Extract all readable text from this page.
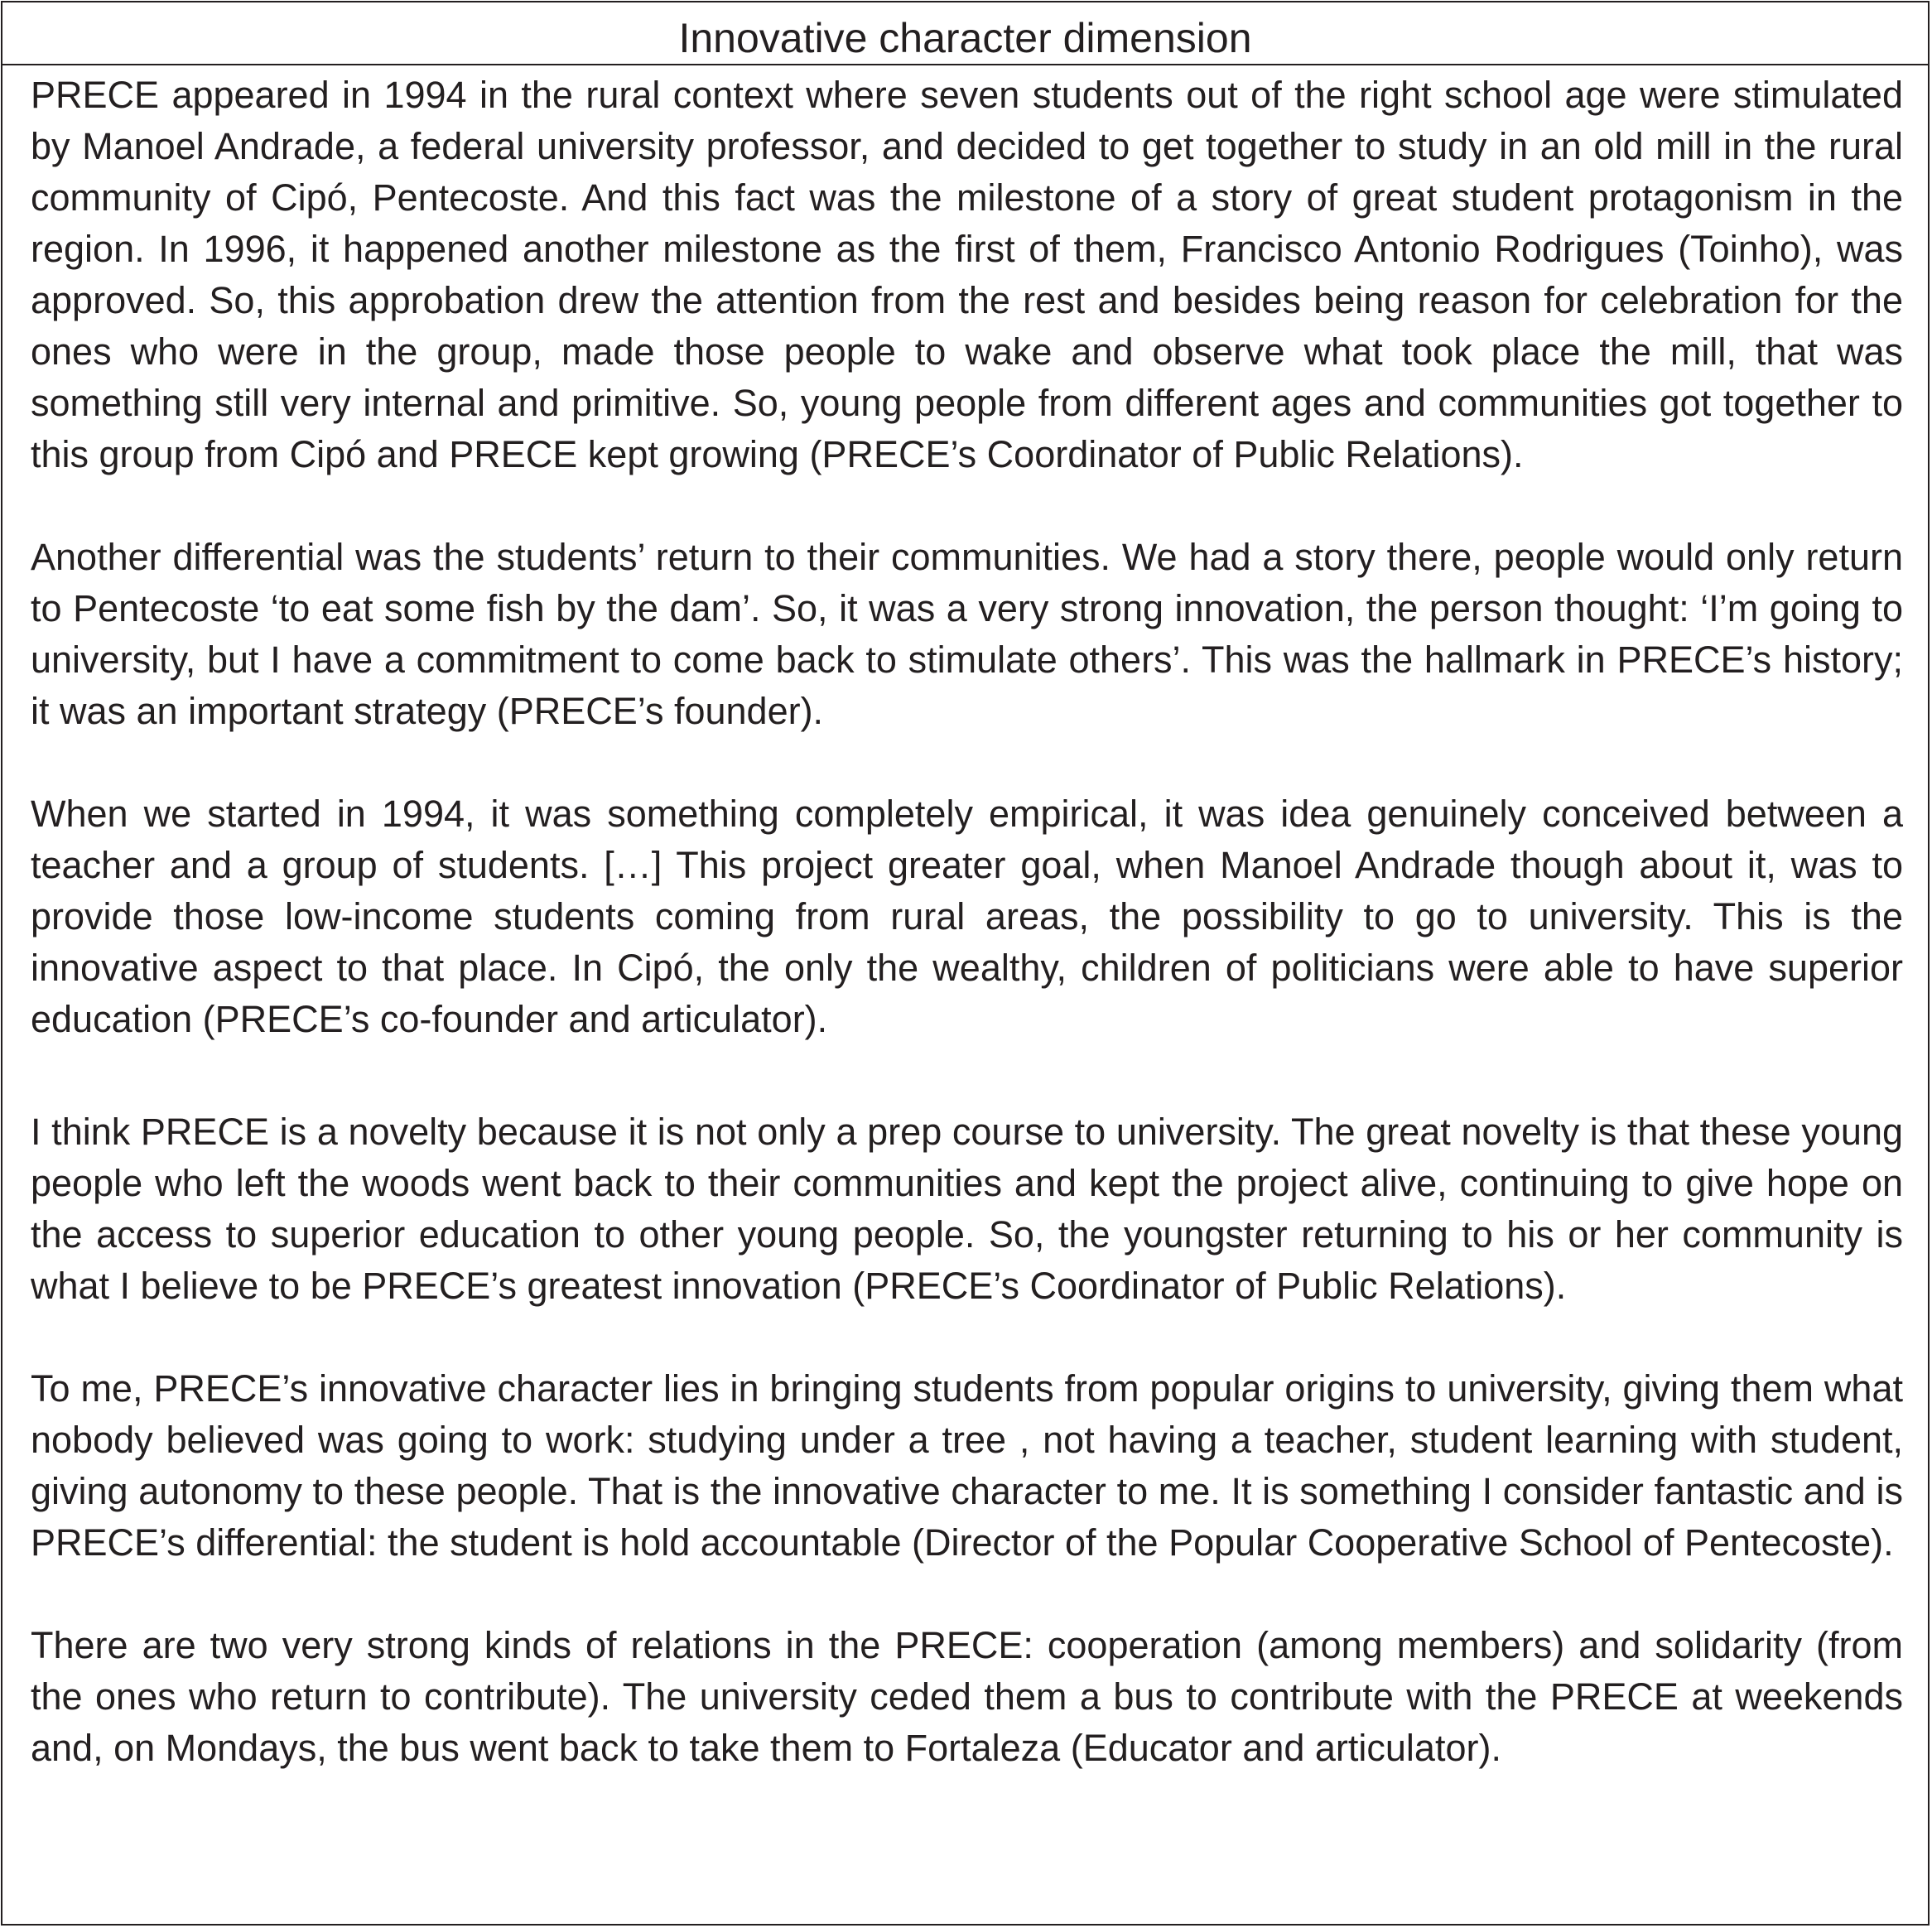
Innovative character dimension

PRECE appeared in 1994 in the rural context where seven students out of the right school age were stimulated by Manoel Andrade, a federal university professor, and decided to get together to study in an old mill in the rural community of Cipó, Pentecoste. And this fact was the milestone of a story of great student protagonism in the region. In 1996, it happened another milestone as the first of them, Francisco Antonio Rodrigues (Toinho), was approved. So, this approbation drew the attention from the rest and besides being reason for celebration for the ones who were in the group, made those people to wake and observe what took place the mill, that was something still very internal and primitive. So, young people from different ages and communities got together to this group from Cipó and PRECE kept growing (PRECE’s Coordinator of Public Relations).

Another differential was the students’ return to their communities. We had a story there, people would only return to Pentecoste ‘to eat some fish by the dam’. So, it was a very strong innovation, the person thought: ‘I’m going to university, but I have a commitment to come back to stimulate others’. This was the hallmark in PRECE’s history; it was an important strategy (PRECE’s founder).

When we started in 1994, it was something completely empirical, it was idea genuinely conceived between a teacher and a group of students. […] This project greater goal, when Manoel Andrade though about it, was to provide those low-income students coming from rural areas, the possibility to go to university. This is the innovative aspect to that place. In Cipó, the only the wealthy, children of politicians were able to have superior education (PRECE’s co-founder and articulator).

I think PRECE is a novelty because it is not only a prep course to university. The great novelty is that these young people who left the woods went back to their communities and kept the project alive, continuing to give hope on the access to superior education to other young people. So, the youngster returning to his or her community is what I believe to be PRECE’s greatest innovation (PRECE’s Coordinator of Public Relations).

To me, PRECE’s innovative character lies in bringing students from popular origins to university, giving them what nobody believed was going to work: studying under a tree , not having a teacher, student learning with student, giving autonomy to these people. That is the innovative character to me. It is something I consider fantastic and is PRECE’s differential: the student is hold accountable (Director of the Popular Cooperative School of Pentecoste).

There are two very strong kinds of relations in the PRECE: cooperation (among members) and solidarity (from the ones who return to contribute). The university ceded them a bus to contribute with the PRECE at weekends and, on Mondays, the bus went back to take them to Fortaleza (Educator and articulator).
